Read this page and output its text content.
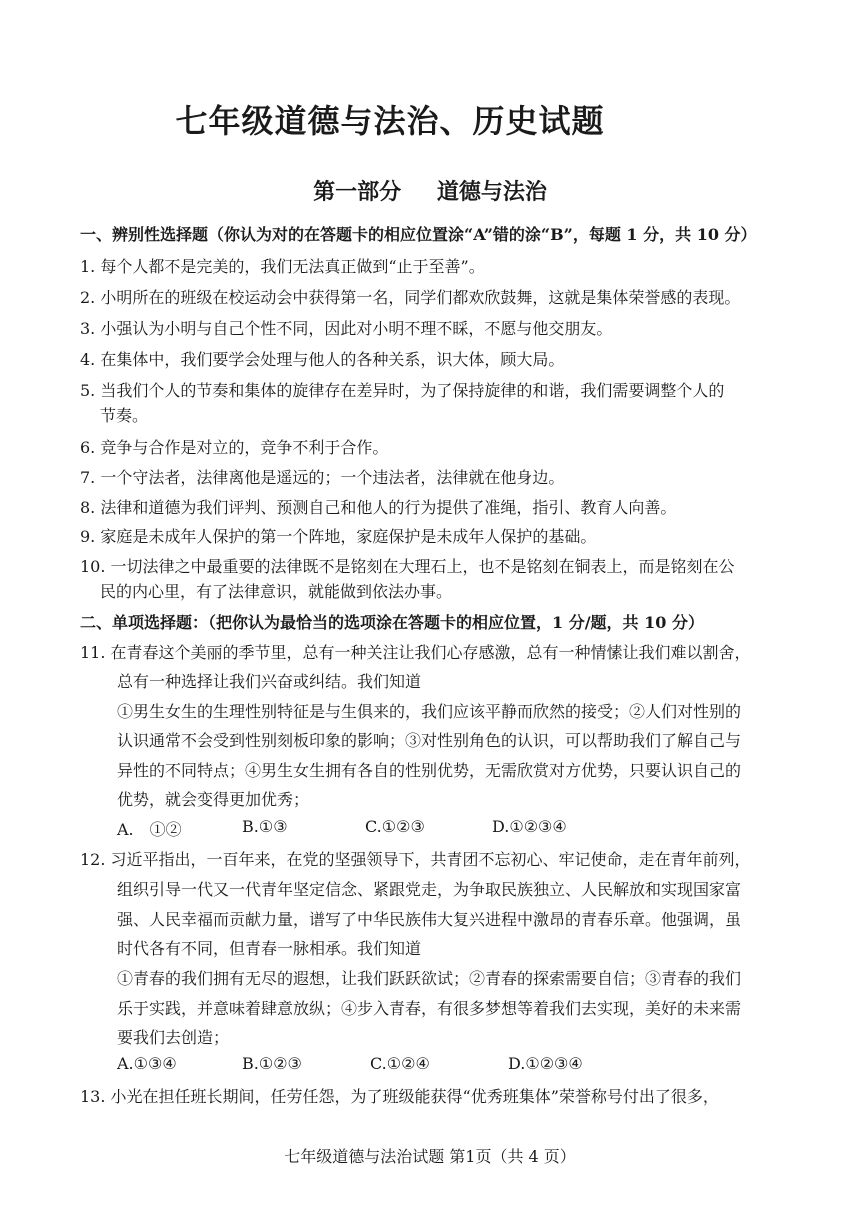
七年级道德与法治、历史试题
第一部分 道德与法治
一、辨别性选择题（你认为对的在答题卡的相应位置涂“A”错的涂“B”，每题 1 分，共 10 分）
1. 每个人都不是完美的，我们无法真正做到“止于至善”。
2. 小明所在的班级在校运动会中获得第一名，同学们都欢欣鼓舞，这就是集体荣誉感的表现。
3. 小强认为小明与自己个性不同，因此对小明不理不睬，不愿与他交朋友。
4. 在集体中，我们要学会处理与他人的各种关系，识大体，顾大局。
5. 当我们个人的节奏和集体的旋律存在差异时，为了保持旋律的和谐，我们需要调整个人的
节奏。
6. 竞争与合作是对立的，竞争不利于合作。
7. 一个守法者，法律离他是遥远的；一个违法者，法律就在他身边。
8. 法律和道德为我们评判、预测自己和他人的行为提供了准绳，指引、教育人向善。
9. 家庭是未成年人保护的第一个阵地，家庭保护是未成年人保护的基础。
10. 一切法律之中最重要的法律既不是铭刻在大理石上，也不是铭刻在铜表上，而是铭刻在公
民的内心里，有了法律意识，就能做到依法办事。
二、单项选择题：（把你认为最恰当的选项涂在答题卡的相应位置，1 分/题，共 10 分）
11. 在青春这个美丽的季节里，总有一种关注让我们心存感激，总有一种情愫让我们难以割舍，
总有一种选择让我们兴奋或纠结。我们知道
①男生女生的生理性别特征是与生俱来的，我们应该平静而欣然的接受；②人们对性别的
认识通常不会受到性别刻板印象的影响；③对性别角色的认识，可以帮助我们了解自己与
异性的不同特点；④男生女生拥有各自的性别优势，无需欣赏对方优势，只要认识自己的
优势，就会变得更加优秀；
A.　①②	B.①③	C.①②③	D.①②③④
12. 习近平指出，一百年来，在党的坚强领导下，共青团不忘初心、牢记使命，走在青年前列，
组织引导一代又一代青年坚定信念、紧跟党走，为争取民族独立、人民解放和实现国家富
强、人民幸福而贡献力量，谱写了中华民族伟大复兴进程中激昂的青春乐章。他强调，虽
时代各有不同，但青春一脉相承。我们知道
①青春的我们拥有无尽的遐想，让我们跃跃欲试；②青春的探索需要自信；③青春的我们
乐于实践，并意味着肆意放纵；④步入青春，有很多梦想等着我们去实现，美好的未来需
要我们去创造；
A.①③④	B.①②③	C.①②④	D.①②③④
13. 小光在担任班长期间，任劳任怨，为了班级能获得“优秀班集体”荣誉称号付出了很多，
七年级道德与法治试题 第1页（共 4 页）
